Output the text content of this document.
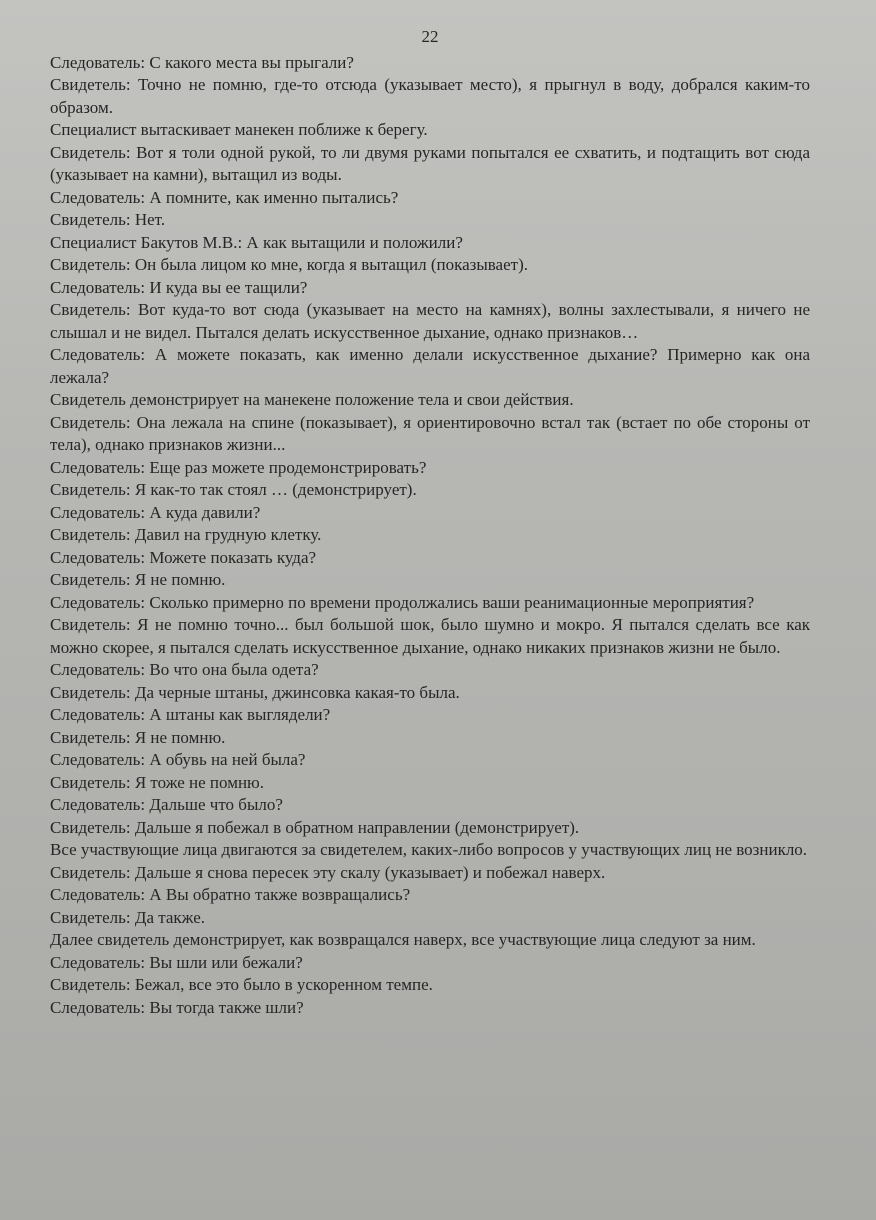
22

Следователь: С какого места вы прыгали?

Свидетель: Точно не помню, где-то отсюда (указывает место), я прыгнул в воду, добрался каким-то образом.

Специалист вытаскивает манекен поближе к берегу.

Свидетель: Вот я толи одной рукой, то ли двумя руками попытался ее схватить, и подтащить вот сюда (указывает на камни), вытащил из воды.

Следователь: А помните, как именно пытались?

Свидетель: Нет.

Специалист Бакутов М.В.: А как вытащили и положили?

Свидетель: Он была лицом ко мне, когда я вытащил (показывает).

Следователь: И куда вы ее тащили?

Свидетель: Вот куда-то вот сюда (указывает на место на камнях), волны захлестывали, я ничего не слышал и не видел. Пытался делать искусственное дыхание, однако признаков…

Следователь: А можете показать, как именно делали искусственное дыхание? Примерно как она лежала?

Свидетель демонстрирует на манекене положение тела и свои действия.

Свидетель: Она лежала на спине (показывает), я ориентировочно встал так (встает по обе стороны от тела), однако признаков жизни...

Следователь: Еще раз можете продемонстрировать?

Свидетель: Я как-то так стоял … (демонстрирует).

Следователь: А куда давили?

Свидетель: Давил на грудную клетку.

Следователь: Можете показать куда?

Свидетель: Я не помню.

Следователь: Сколько примерно по времени продолжались ваши реанимационные мероприятия?

Свидетель: Я не помню точно... был большой шок, было шумно и мокро. Я пытался сделать все как можно скорее, я пытался сделать искусственное дыхание, однако никаких признаков жизни не было.

Следователь: Во что она была одета?

Свидетель: Да черные штаны, джинсовка какая-то была.

Следователь: А штаны как выглядели?

Свидетель: Я не помню.

Следователь: А обувь на ней была?

Свидетель: Я тоже не помню.

Следователь: Дальше что было?

Свидетель: Дальше я побежал в обратном направлении (демонстрирует).

Все участвующие лица двигаются за свидетелем, каких-либо вопросов у участвующих лиц не возникло.

Свидетель: Дальше я снова пересек эту скалу (указывает) и побежал наверх.

Следователь: А Вы обратно также возвращались?

Свидетель: Да также.

Далее свидетель демонстрирует, как возвращался наверх, все участвующие лица следуют за ним.

Следователь: Вы шли или бежали?

Свидетель: Бежал, все это было в ускоренном темпе.

Следователь: Вы тогда также шли?
